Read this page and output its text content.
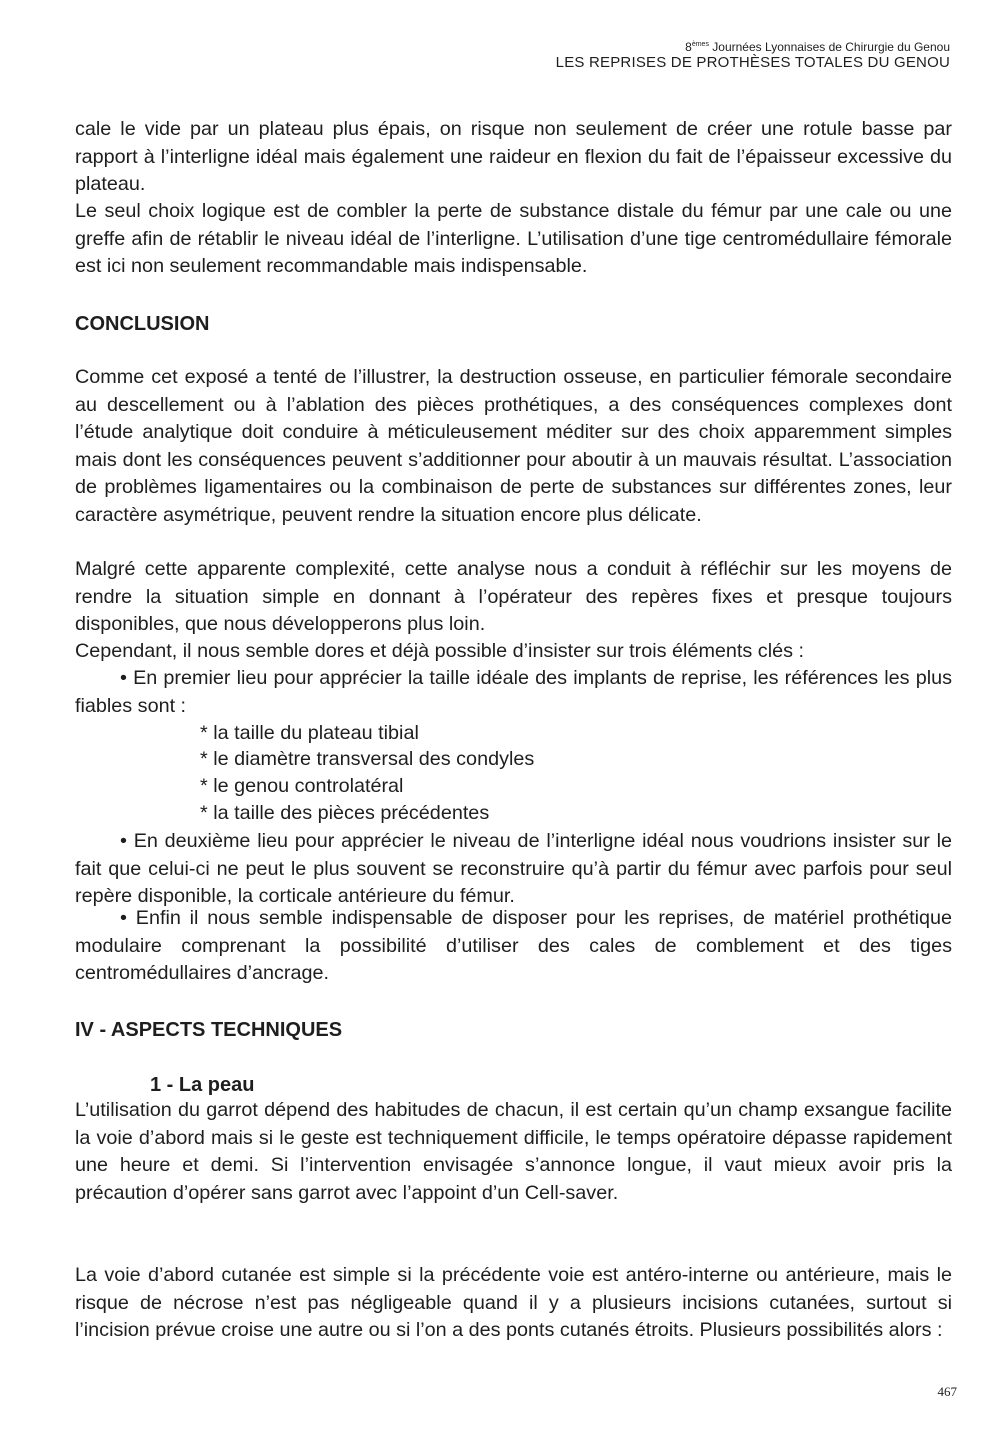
8èmes Journées Lyonnaises de Chirurgie du Genou
LES REPRISES DE PROTHÈSES TOTALES DU GENOU

cale le vide par un plateau plus épais, on risque non seulement de créer une rotule basse par rapport à l’interligne idéal mais également une raideur en flexion du fait de l’épaisseur excessive du plateau.

Le seul choix logique est de combler la perte de substance distale du fémur par une cale ou une greffe afin de rétablir le niveau idéal de l’interligne. L’utilisation d’une tige centromédullaire fémorale est ici non seulement recommandable mais indispensable.

CONCLUSION

Comme cet exposé a tenté de l’illustrer, la destruction osseuse, en particulier fémorale secondaire au descellement ou à l’ablation des pièces prothétiques, a des conséquences complexes dont l’étude analytique doit conduire à méticuleusement méditer sur des choix apparemment simples mais dont les conséquences peuvent s’additionner pour aboutir à un mauvais résultat. L’association de problèmes ligamentaires ou la combinaison de perte de substances sur différentes zones, leur caractère asymétrique, peuvent rendre la situation encore plus délicate.

Malgré cette apparente complexité, cette analyse nous a conduit à réfléchir sur les moyens de rendre la situation simple en donnant à l’opérateur des repères fixes et presque toujours disponibles, que nous développerons plus loin.

Cependant, il nous semble dores et déjà possible d’insister sur trois éléments clés :

• En premier lieu pour apprécier la taille idéale des implants de reprise, les références les plus fiables sont :

* la taille du plateau tibial

* le diamètre transversal des condyles

* le genou controlatéral

* la taille des pièces précédentes

• En deuxième lieu pour apprécier le niveau de l’interligne idéal nous voudrions insister sur le fait que celui-ci ne peut le plus souvent se reconstruire qu’à partir du fémur avec parfois pour seul repère disponible, la corticale antérieure du fémur.

• Enfin il nous semble indispensable de disposer pour les reprises, de matériel prothétique modulaire comprenant la possibilité d’utiliser des cales de comblement et des tiges centromédullaires d’ancrage.

IV - ASPECTS TECHNIQUES
1 - La peau

L’utilisation du garrot dépend des habitudes de chacun, il est certain qu’un champ exsangue facilite la voie d’abord mais si le geste est techniquement difficile, le temps opératoire dépasse rapidement une heure et demi. Si l’intervention envisagée s’annonce longue, il vaut mieux avoir pris la précaution d’opérer sans garrot avec l’appoint d’un Cell-saver.

La voie d’abord cutanée est simple si la précédente voie est antéro-interne ou antérieure, mais le risque de nécrose n’est pas négligeable quand il y a plusieurs incisions cutanées, surtout si l’incision prévue croise une autre ou si l’on a des ponts cutanés étroits. Plusieurs possibilités alors :

467
